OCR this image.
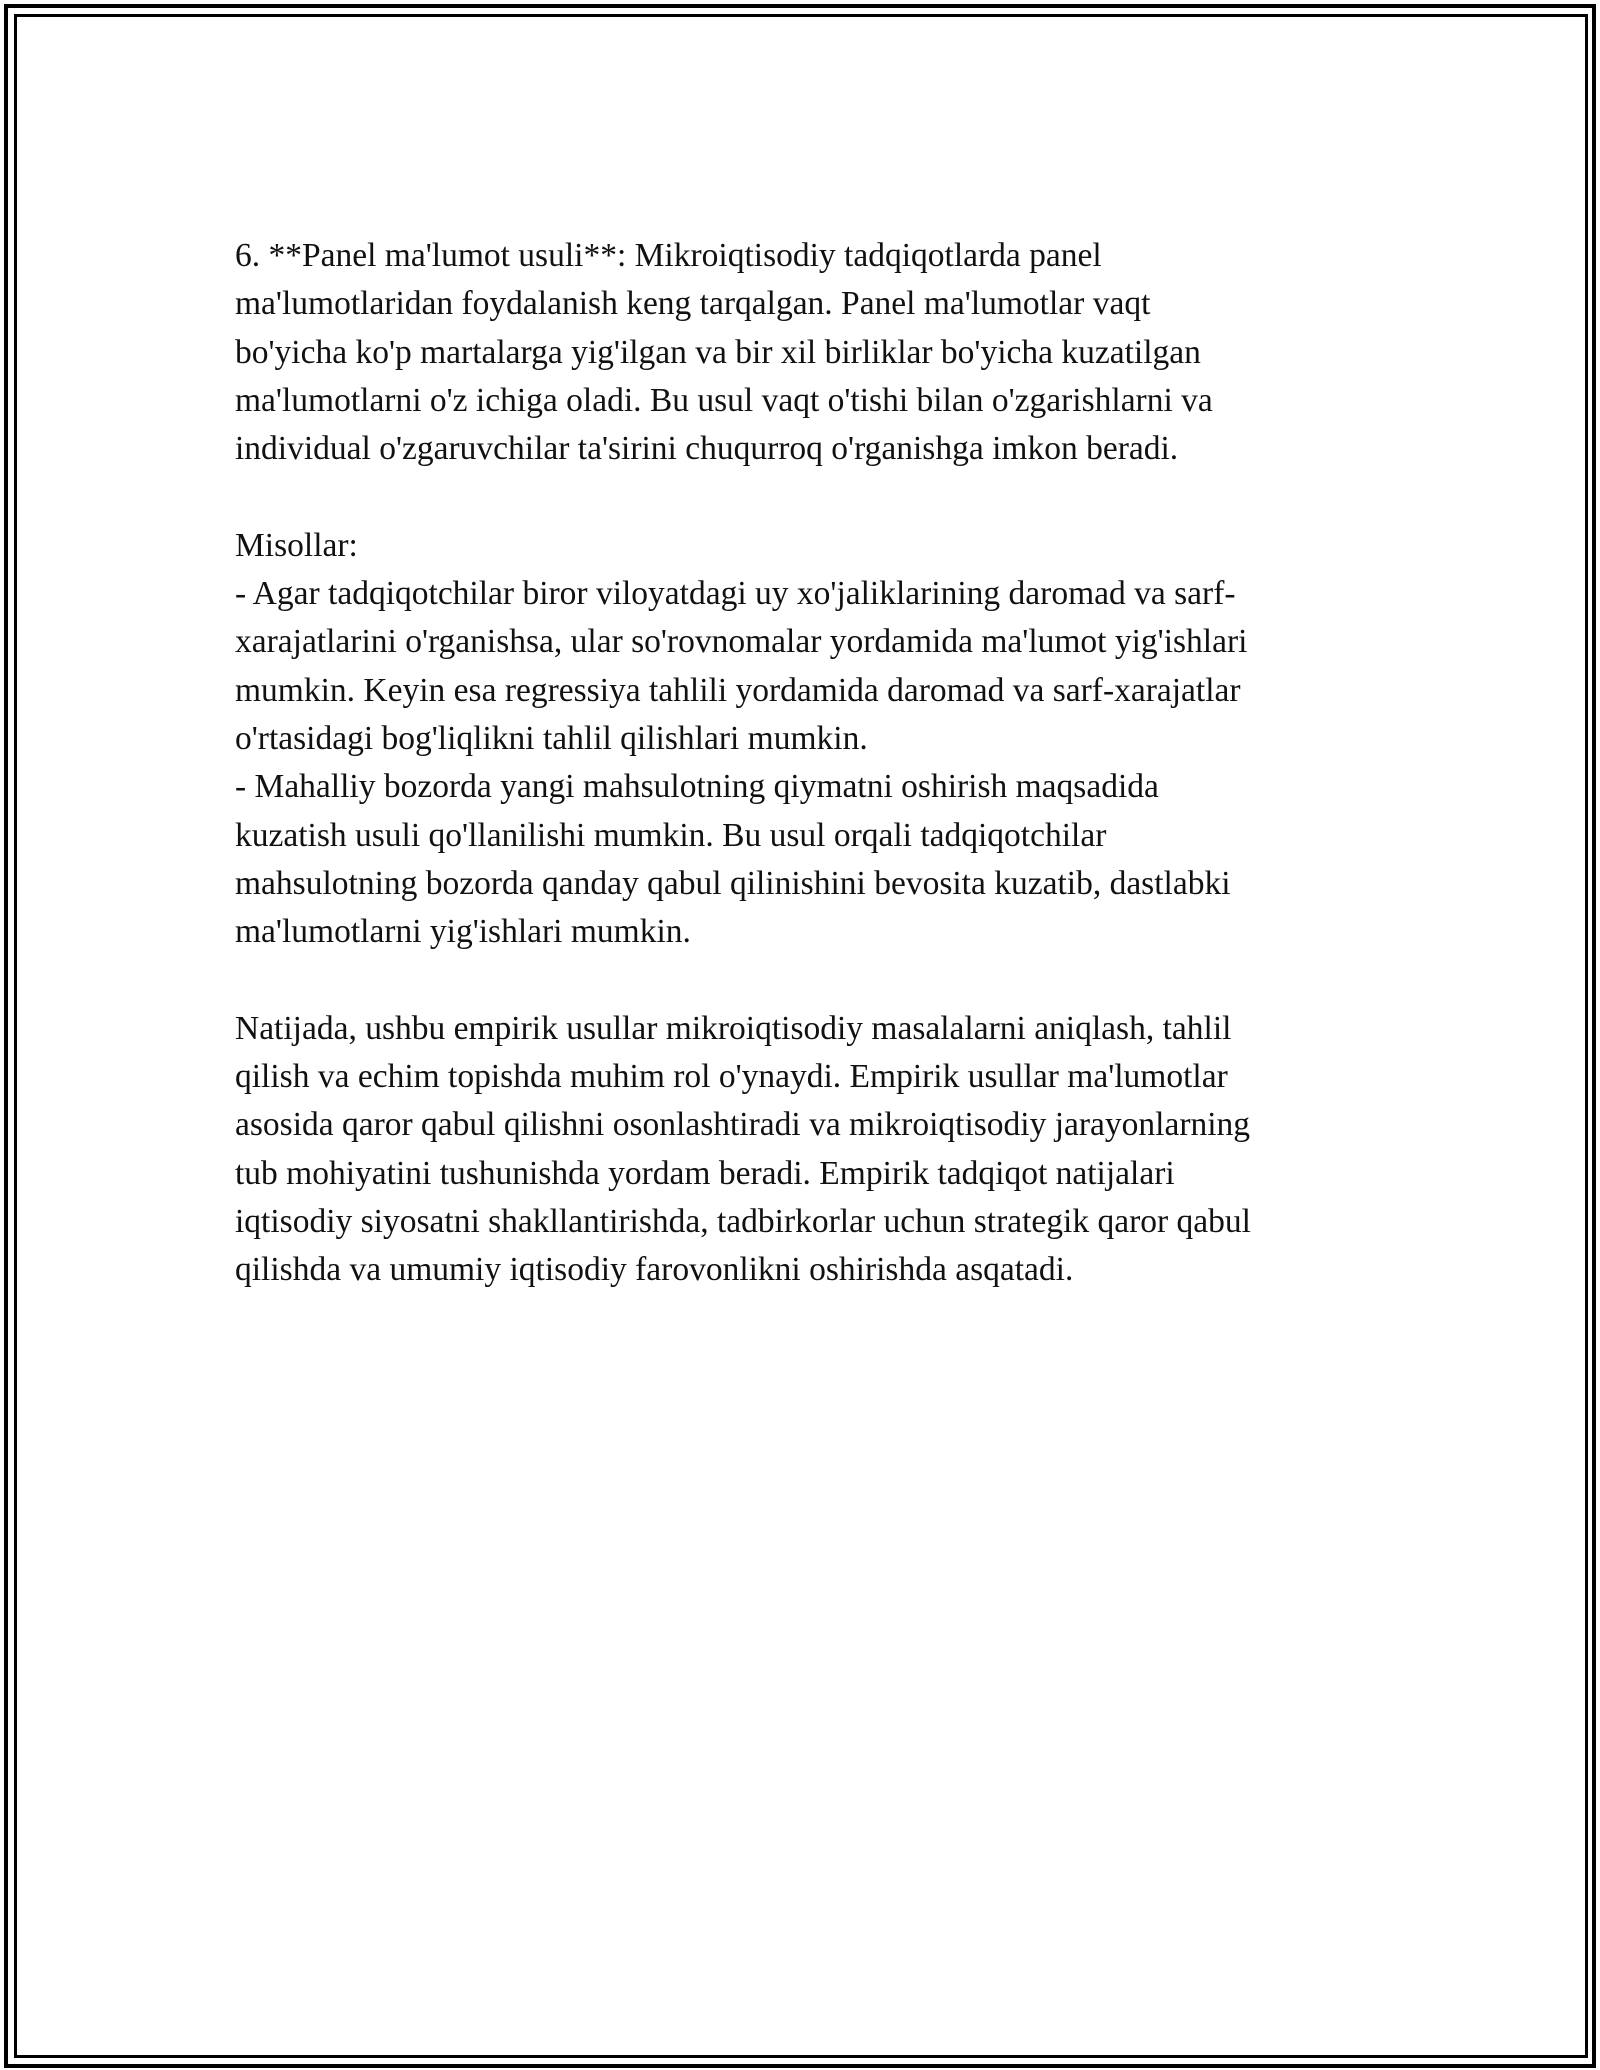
6. **Panel ma'lumot usuli**: Mikroiqtisodiy tadqiqotlarda panel
ma'lumotlaridan foydalanish keng tarqalgan. Panel ma'lumotlar vaqt
bo'yicha ko'p martalarga yig'ilgan va bir xil birliklar bo'yicha kuzatilgan
ma'lumotlarni o'z ichiga oladi. Bu usul vaqt o'tishi bilan o'zgarishlarni va
individual o'zgaruvchilar ta'sirini chuqurroq o'rganishga imkon beradi.
Misollar:
- Agar tadqiqotchilar biror viloyatdagi uy xo'jaliklarining daromad va sarf-
xarajatlarini o'rganishsa, ular so'rovnomalar yordamida ma'lumot yig'ishlari
mumkin. Keyin esa regressiya tahlili yordamida daromad va sarf-xarajatlar
o'rtasidagi bog'liqlikni tahlil qilishlari mumkin.
- Mahalliy bozorda yangi mahsulotning qiymatni oshirish maqsadida
kuzatish usuli qo'llanilishi mumkin. Bu usul orqali tadqiqotchilar
mahsulotning bozorda qanday qabul qilinishini bevosita kuzatib, dastlabki
ma'lumotlarni yig'ishlari mumkin.
Natijada, ushbu empirik usullar mikroiqtisodiy masalalarni aniqlash, tahlil
qilish va echim topishda muhim rol o'ynaydi. Empirik usullar ma'lumotlar
asosida qaror qabul qilishni osonlashtiradi va mikroiqtisodiy jarayonlarning
tub mohiyatini tushunishda yordam beradi. Empirik tadqiqot natijalari
iqtisodiy siyosatni shakllantirishda, tadbirkorlar uchun strategik qaror qabul
qilishda va umumiy iqtisodiy farovonlikni oshirishda asqatadi.
